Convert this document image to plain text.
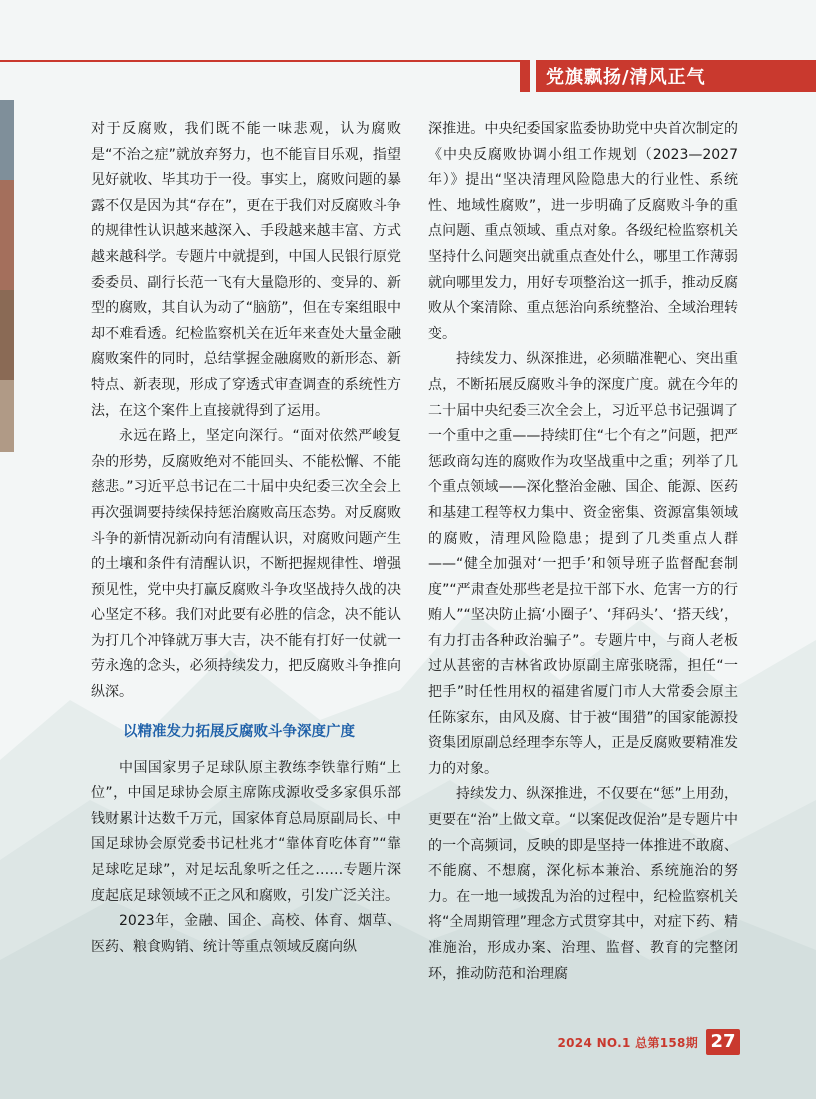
党旗飘扬/清风正气

对于反腐败，我们既不能一味悲观，认为腐败是“不治之症”就放弃努力，也不能盲目乐观，指望见好就收、毕其功于一役。事实上，腐败问题的暴露不仅是因为其“存在”，更在于我们对反腐败斗争的规律性认识越来越深入、手段越来越丰富、方式越来越科学。专题片中就提到，中国人民银行原党委委员、副行长范一飞有大量隐形的、变异的、新型的腐败，其自认为动了“脑筋”，但在专案组眼中却不难看透。纪检监察机关在近年来查处大量金融腐败案件的同时，总结掌握金融腐败的新形态、新特点、新表现，形成了穿透式审查调查的系统性方法，在这个案件上直接就得到了运用。

永远在路上，坚定向深行。“面对依然严峻复杂的形势，反腐败绝对不能回头、不能松懈、不能慈悲。”习近平总书记在二十届中央纪委三次全会上再次强调要持续保持惩治腐败高压态势。对反腐败斗争的新情况新动向有清醒认识，对腐败问题产生的土壤和条件有清醒认识，不断把握规律性、增强预见性，党中央打赢反腐败斗争攻坚战持久战的决心坚定不移。我们对此要有必胜的信念，决不能认为打几个冲锋就万事大吉，决不能有打好一仗就一劳永逸的念头，必须持续发力，把反腐败斗争推向纵深。

以精准发力拓展反腐败斗争深度广度

中国国家男子足球队原主教练李铁靠行贿“上位”，中国足球协会原主席陈戌源收受多家俱乐部钱财累计达数千万元，国家体育总局原副局长、中国足球协会原党委书记杜兆才“靠体育吃体育”“靠足球吃足球”，对足坛乱象听之任之……专题片深度起底足球领域不正之风和腐败，引发广泛关注。

2023年，金融、国企、高校、体育、烟草、医药、粮食购销、统计等重点领域反腐向纵

深推进。中央纪委国家监委协助党中央首次制定的《中央反腐败协调小组工作规划（2023—2027年）》提出“坚决清理风险隐患大的行业性、系统性、地域性腐败”，进一步明确了反腐败斗争的重点问题、重点领域、重点对象。各级纪检监察机关坚持什么问题突出就重点查处什么，哪里工作薄弱就向哪里发力，用好专项整治这一抓手，推动反腐败从个案清除、重点惩治向系统整治、全域治理转变。

持续发力、纵深推进，必须瞄准靶心、突出重点，不断拓展反腐败斗争的深度广度。就在今年的二十届中央纪委三次全会上，习近平总书记强调了一个重中之重——持续盯住“七个有之”问题，把严惩政商勾连的腐败作为攻坚战重中之重；列举了几个重点领域——深化整治金融、国企、能源、医药和基建工程等权力集中、资金密集、资源富集领域的腐败，清理风险隐患；提到了几类重点人群——“健全加强对‘一把手’和领导班子监督配套制度”“严肃查处那些老是拉干部下水、危害一方的行贿人”“坚决防止搞‘小圈子’、‘拜码头’、‘搭天线’，有力打击各种政治骗子”。专题片中，与商人老板过从甚密的吉林省政协原副主席张晓霈，担任“一把手”时任性用权的福建省厦门市人大常委会原主任陈家东，由风及腐、甘于被“围猎”的国家能源投资集团原副总经理李东等人，正是反腐败要精准发力的对象。

持续发力、纵深推进，不仅要在“惩”上用劲，更要在“治”上做文章。“以案促改促治”是专题片中的一个高频词，反映的即是坚持一体推进不敢腐、不能腐、不想腐，深化标本兼治、系统施治的努力。在一地一域拨乱为治的过程中，纪检监察机关将“全周期管理”理念方式贯穿其中，对症下药、精准施治，形成办案、治理、监督、教育的完整闭环，推动防范和治理腐

2024 NO.1 总第158期 27
